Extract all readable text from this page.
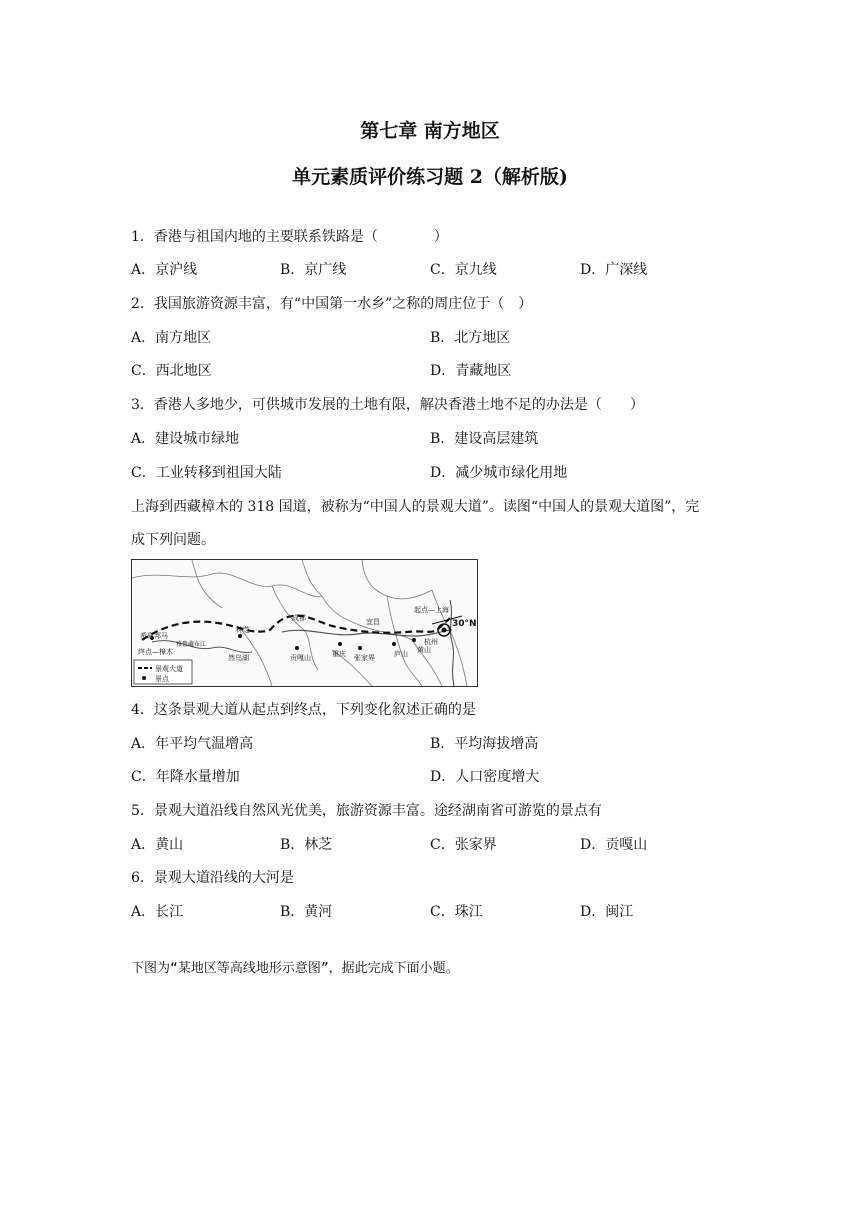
第七章 南方地区
单元素质评价练习题 2（解析版)
1．香港与祖国内地的主要联系铁路是（　　　　）
A．京沪线	B．京广线	C．京九线	D．广深线
2．我国旅游资源丰富，有“中国第一水乡”之称的周庄位于（　）
A．南方地区	B．北方地区
C．西北地区	D．青藏地区
3．香港人多地少，可供城市发展的土地有限，解决香港土地不足的办法是（　　）
A．建设城市绿地	B．建设高层建筑
C．工业转移到祖国大陆	D．减少城市绿化用地
上海到西藏樟木的 318 国道，被称为“中国人的景观大道”。读图“中国人的景观大道图”，完
成下列问题。
起点—上海
30°N
希夏邦马
终点—樟木
林芝
成都	宜昌
杭州
黄山
庐山
张家界
重庆
贡嘎山
然乌湖
雅鲁藏布江
景观大道
景点
4．这条景观大道从起点到终点，下列变化叙述正确的是
A．年平均气温增高	B．平均海拔增高
C．年降水量增加	D．人口密度增大
5．景观大道沿线自然风光优美，旅游资源丰富。途经湖南省可游览的景点有
A．黄山	B．林芝	C．张家界	D．贡嘎山
6．景观大道沿线的大河是
A．长江	B．黄河	C．珠江	D．闽江
下图为“某地区等高线地形示意图”，据此完成下面小题。
